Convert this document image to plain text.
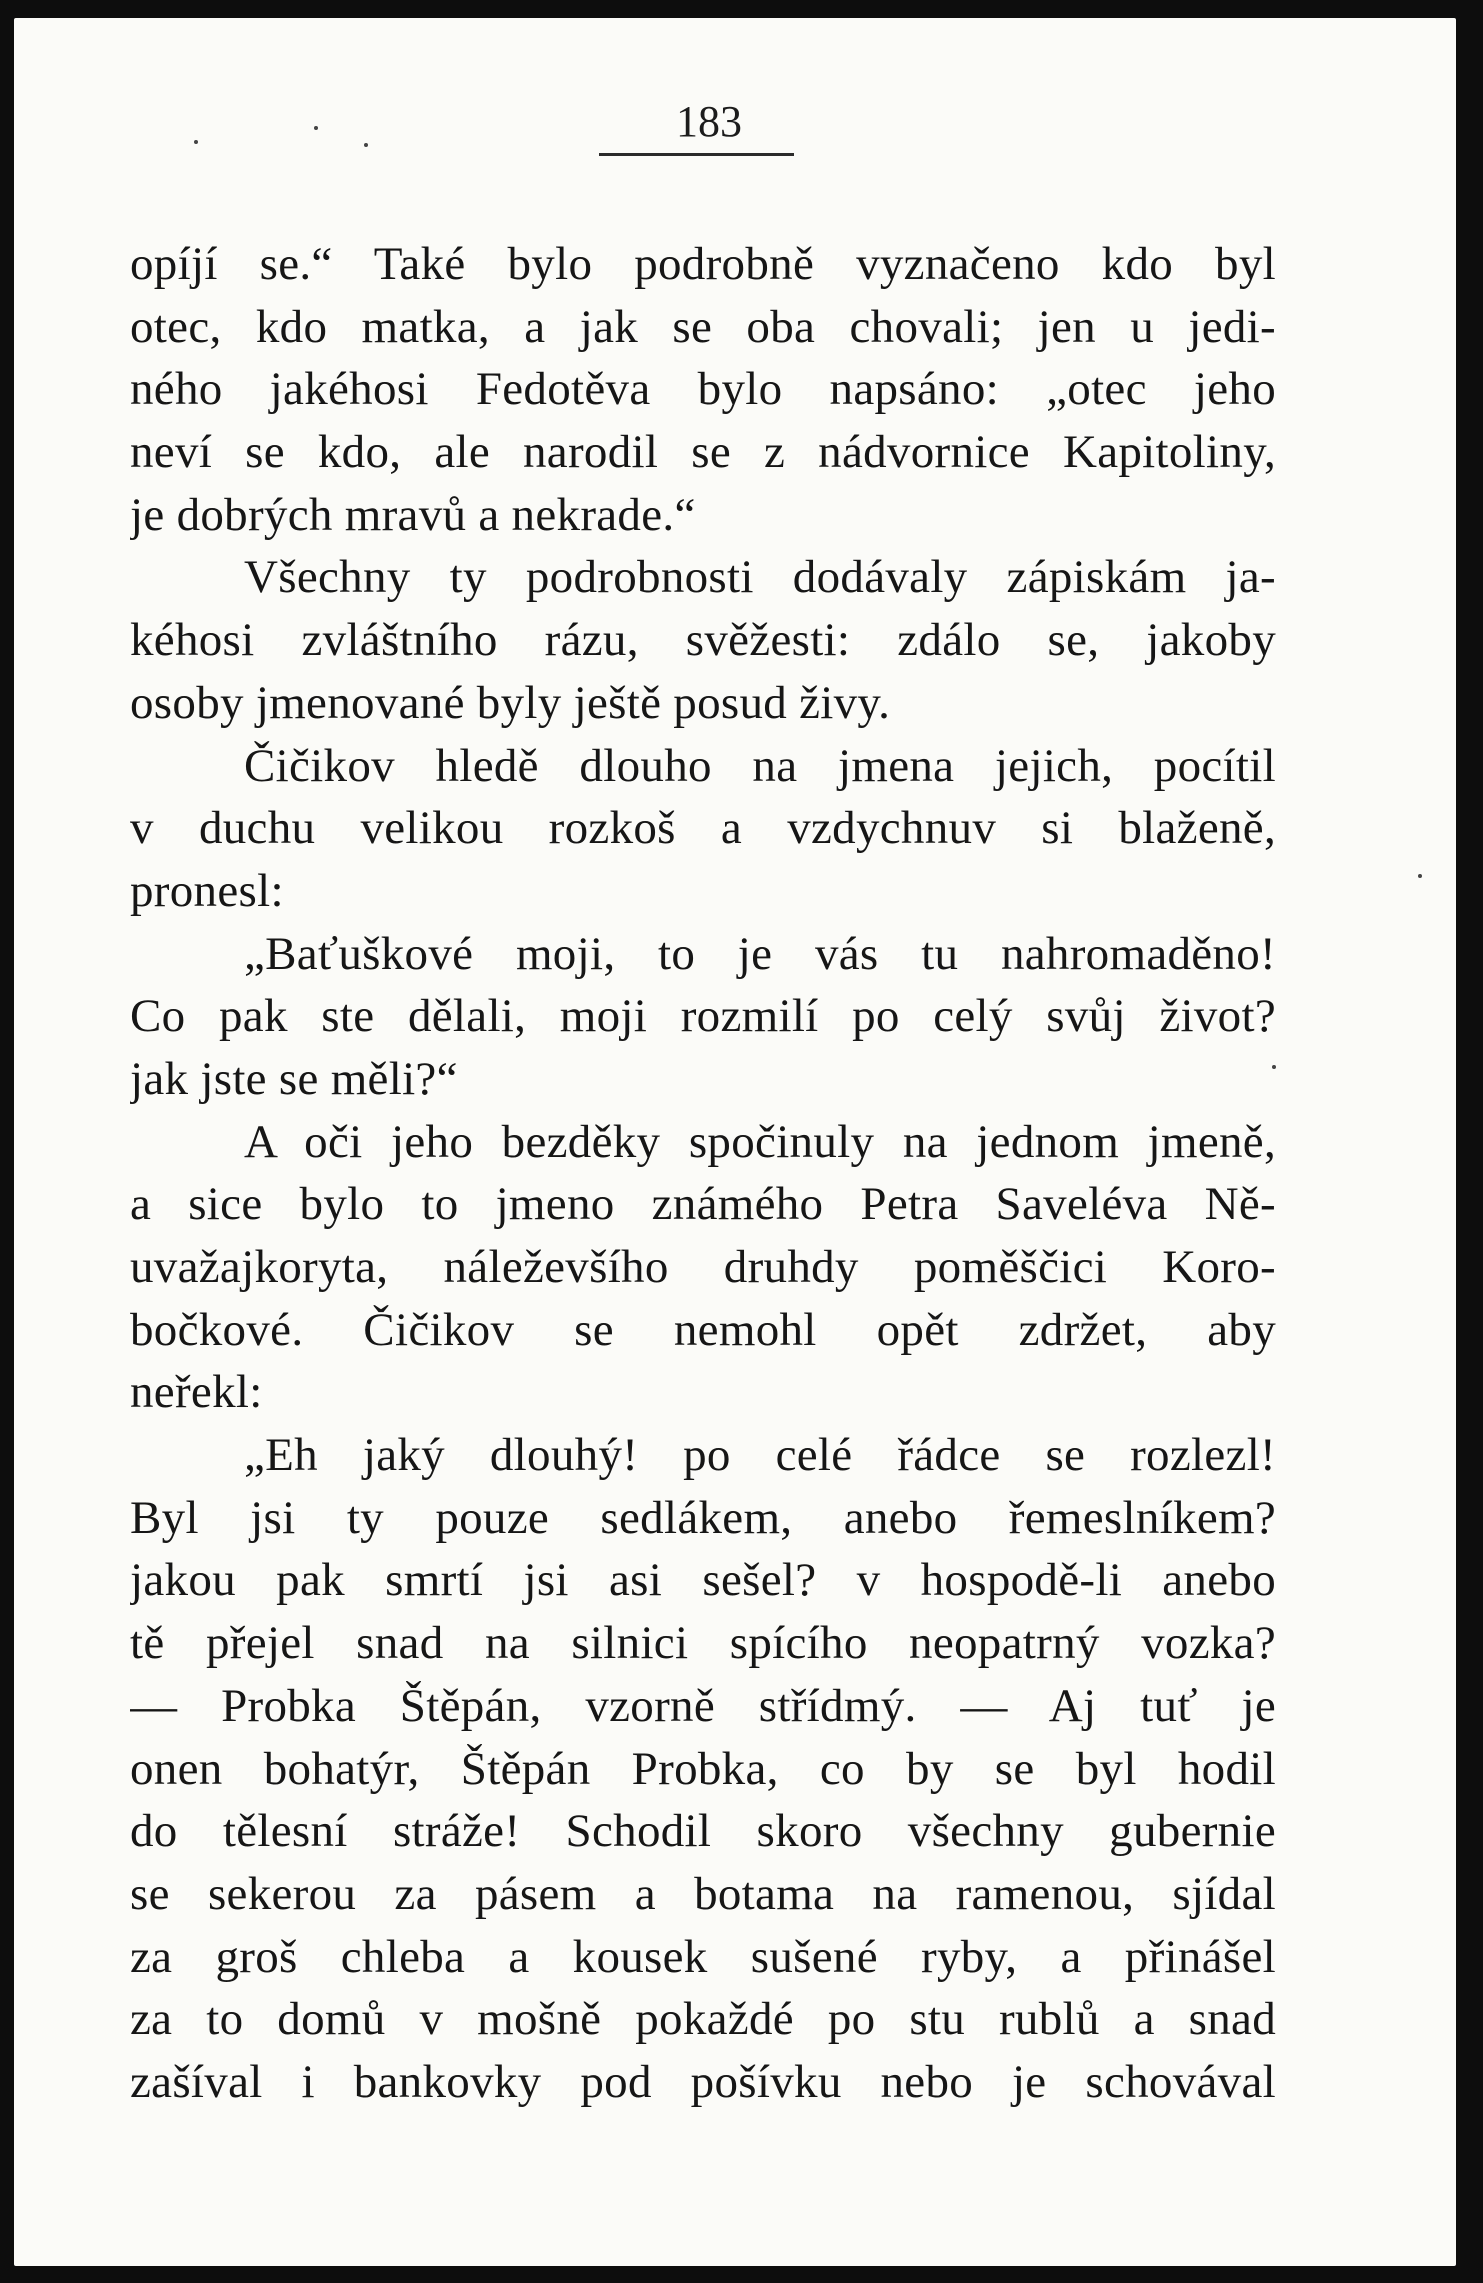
183
opíjí se.“ Také bylo podrobně vyznačeno kdo byl
otec, kdo matka, a jak se oba chovali; jen u jedi-
ného jakéhosi Fedotěva bylo napsáno: „otec jeho
neví se kdo, ale narodil se z nádvornice Kapitoliny,
je dobrých mravů a nekrade.“
Všechny ty podrobnosti dodávaly zápiskám ja-
kéhosi zvláštního rázu, svěžesti: zdálo se, jakoby
osoby jmenované byly ještě posud živy.
Čičikov hledě dlouho na jmena jejich, pocítil
v duchu velikou rozkoš a vzdychnuv si blaženě,
pronesl:
„Baťuškové moji, to je vás tu nahromaděno!
Co pak ste dělali, moji rozmilí po celý svůj život?
jak jste se měli?“
A oči jeho bezděky spočinuly na jednom jmeně,
a sice bylo to jmeno známého Petra Saveléva Ně-
uvažajkoryta, náleževšího druhdy poměščici Koro-
bočkové. Čičikov se nemohl opět zdržet, aby
neřekl:
„Eh jaký dlouhý! po celé řádce se rozlezl!
Byl jsi ty pouze sedlákem, anebo řemeslníkem?
jakou pak smrtí jsi asi sešel? v hospodě-li anebo
tě přejel snad na silnici spícího neopatrný vozka?
— Probka Štěpán, vzorně střídmý. — Aj tuť je
onen bohatýr, Štěpán Probka, co by se byl hodil
do tělesní stráže! Schodil skoro všechny gubernie
se sekerou za pásem a botama na ramenou, sjídal
za groš chleba a kousek sušené ryby, a přinášel
za to domů v mošně pokaždé po stu rublů a snad
zašíval i bankovky pod pošívku nebo je schovával
